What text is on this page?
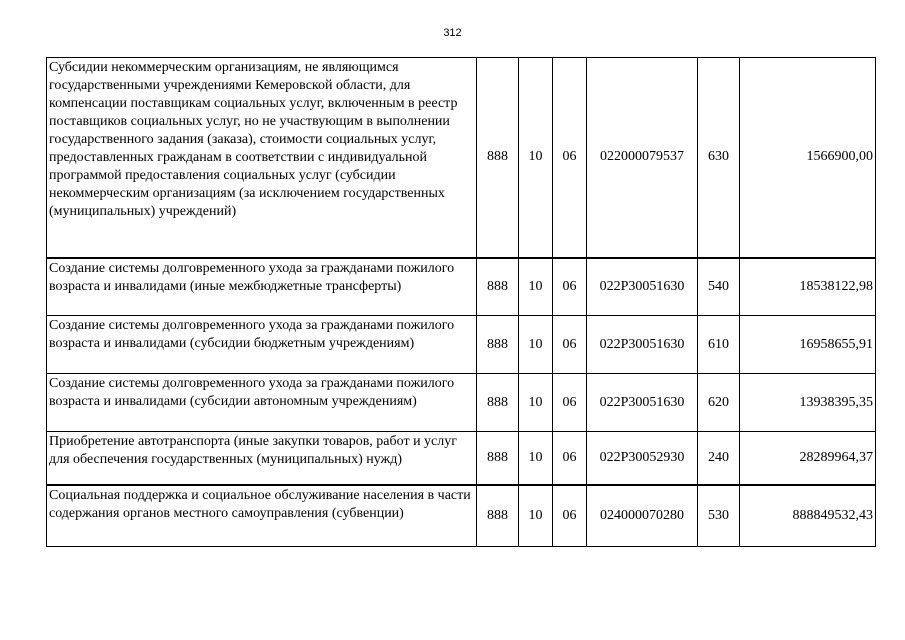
312
Субсидии некоммерческим организациям, не являющимся государственными учреждениями Кемеровской области, для компенсации поставщикам социальных услуг, включенным в реестр поставщиков социальных услуг, но не участвующим в выполнении государственного задания (заказа), стоимости социальных услуг, предоставленных гражданам в соответствии с индивидуальной программой предоставления социальных услуг (субсидии некоммерческим организациям (за исключением государственных (муниципальных) учреждений)	888	10	06	022000079537	630	1566900,00
Создание системы долговременного ухода за гражданами пожилого возраста и инвалидами (иные межбюджетные трансферты)	888	10	06	022P30051630	540	18538122,98
Создание системы долговременного ухода за гражданами пожилого возраста и инвалидами (субсидии бюджетным учреждениям)	888	10	06	022P30051630	610	16958655,91
Создание системы долговременного ухода за гражданами пожилого возраста и инвалидами (субсидии автономным учреждениям)	888	10	06	022P30051630	620	13938395,35
Приобретение автотранспорта (иные закупки товаров, работ и услуг для обеспечения государственных (муниципальных) нужд)	888	10	06	022P30052930	240	28289964,37
Социальная поддержка и социальное обслуживание населения в части содержания органов местного самоуправления (субвенции)	888	10	06	024000070280	530	888849532,43
